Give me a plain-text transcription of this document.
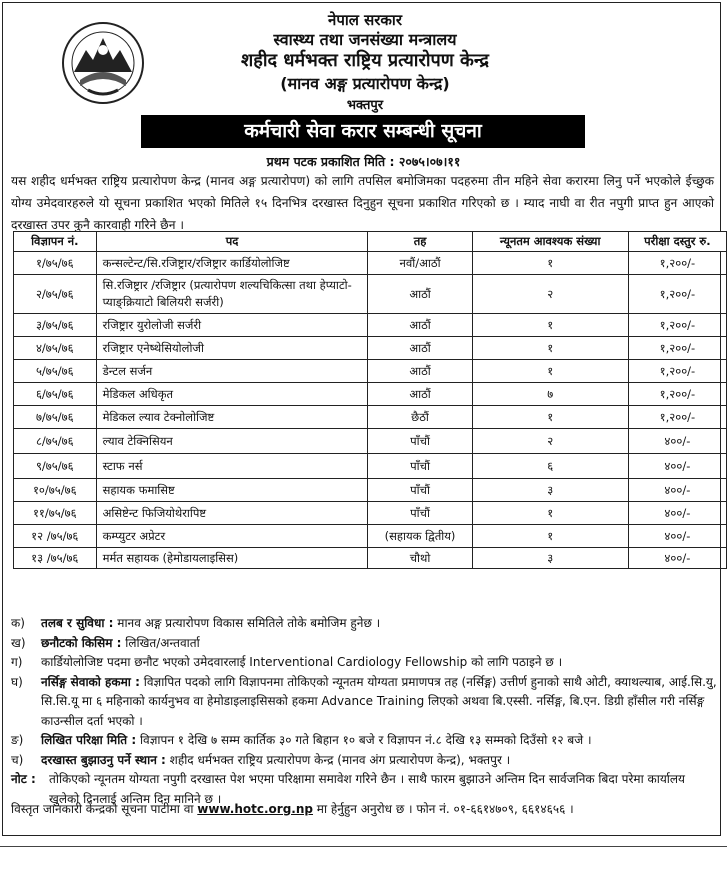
नेपाल सरकार
स्वास्थ्य तथा जनसंख्या मन्त्रालय
शहीद धर्मभक्त राष्ट्रिय प्रत्यारोपण केन्द्र
(मानव अङ्ग प्रत्यारोपण केन्द्र)
भक्तपुर
कर्मचारी सेवा करार सम्बन्धी सूचना
प्रथम पटक प्रकाशित मिति : २०७५।०७।११
यस शहीद धर्मभक्त राष्ट्रिय प्रत्यारोपण केन्द्र (मानव अङ्ग प्रत्यारोपण) को लागि तपसिल बमोजिमका पदहरुमा तीन महिने सेवा करारमा लिनु पर्ने भएकोले ईच्छुक योग्य उमेदवारहरुले यो सूचना प्रकाशित भएको मितिले १५ दिनभित्र दरखास्त दिनुहुन सूचना प्रकाशित गरिएको छ । म्याद नाघी वा रीत नपुगी प्राप्त हुन आएको दरखास्त उपर कुनै कारवाही गरिने छैन ।
विज्ञापन नं.	पद	तह	न्यूनतम आवश्यक संख्या	परीक्षा दस्तुर रु.
१/७५/७६	कन्सल्टेन्ट/सि.रजिष्ट्रार/रजिष्ट्रार कार्डियोलोजिष्ट	नवौं/आठौं	१	१,२००/-
२/७५/७६	सि.रजिष्ट्रार /रजिष्ट्रार (प्रत्यारोपण शल्यचिकित्सा तथा हेप्याटो-प्याङ्क्रियाटो बिलियरी सर्जरी)	आठौं	२	१,२००/-
३/७५/७६	रजिष्ट्रार युरोलोजी सर्जरी	आठौं	१	१,२००/-
४/७५/७६	रजिष्ट्रार एनेष्थेसियोलोजी	आठौं	१	१,२००/-
५/७५/७६	डेन्टल सर्जन	आठौं	१	१,२००/-
६/७५/७६	मेडिकल अधिकृत	आठौं	७	१,२००/-
७/७५/७६	मेडिकल ल्याव टेक्नोलोजिष्ट	छैठौं	१	१,२००/-
८/७५/७६	ल्याव टेक्निसियन	पाँचौं	२	४००/-
९/७५/७६	स्टाफ नर्स	पाँचौं	६	४००/-
१०/७५/७६	सहायक फमासिष्ट	पाँचौं	३	४००/-
११/७५/७६	असिष्टेन्ट फिजियोथेरापिष्ट	पाँचौं	१	४००/-
१२ /७५/७६	कम्प्युटर अप्रेटर	(सहायक द्वितीय)	१	४००/-
१३ /७५/७६	मर्मत सहायक (हेमोडायलाइसिस)	चौथो	३	४००/-
क)	तलब र सुविधा : मानव अङ्ग प्रत्यारोपण विकास समितिले तोके बमोजिम हुनेछ ।
ख)	छनौटको किसिम : लिखित/अन्तवार्ता
ग)	कार्डियोलोजिष्ट पदमा छनौट भएको उमेदवारलाई Interventional Cardiology Fellowship को लागि पठाइने छ ।
घ)	नर्सिङ्ग सेवाको हकमा : विज्ञापित पदको लागि विज्ञापनमा तोकिएको न्यूनतम योग्यता प्रमाणपत्र तह (नर्सिङ्ग) उत्तीर्ण हुनाको साथै ओटी, क्याथल्याब, आई.सि.यु, सि.सि.यू मा ६ महिनाको कार्यनुभव वा हेमोडाइलाइसिसको हकमा Advance Training लिएको अथवा बि.एस्सी. नर्सिङ्ग, बि.एन. डिग्री हाँसील गरी नर्सिङ्ग काउन्सील दर्ता भएको ।
ङ)	लिखित परिक्षा मिति : विज्ञापन १ देखि ७ सम्म कार्तिक ३० गते बिहान १० बजे र विज्ञापन नं.८ देखि १३ सम्मको दिउँसो १२ बजे ।
च)	दरखास्त बुझाउनु पर्ने स्थान : शहीद धर्मभक्त राष्ट्रिय प्रत्यारोपण केन्द्र (मानव अंग प्रत्यारोपण केन्द्र), भक्तपुर ।
नोट :	तोकिएको न्यूनतम योग्यता नपुगी दरखास्त पेश भएमा परिक्षामा समावेश गरिने छैन । साथै फारम बुझाउने अन्तिम दिन सार्वजनिक बिदा परेमा कार्यालय खुलेको दिनलाई अन्तिम दिन मानिने छ ।
विस्तृत जानकारी केन्द्रको सूचना पाटीमा वा www.hotc.org.np मा हेर्नुहुन अनुरोध छ । फोन नं. ०१-६६१४७०९, ६६१४६५६ ।
